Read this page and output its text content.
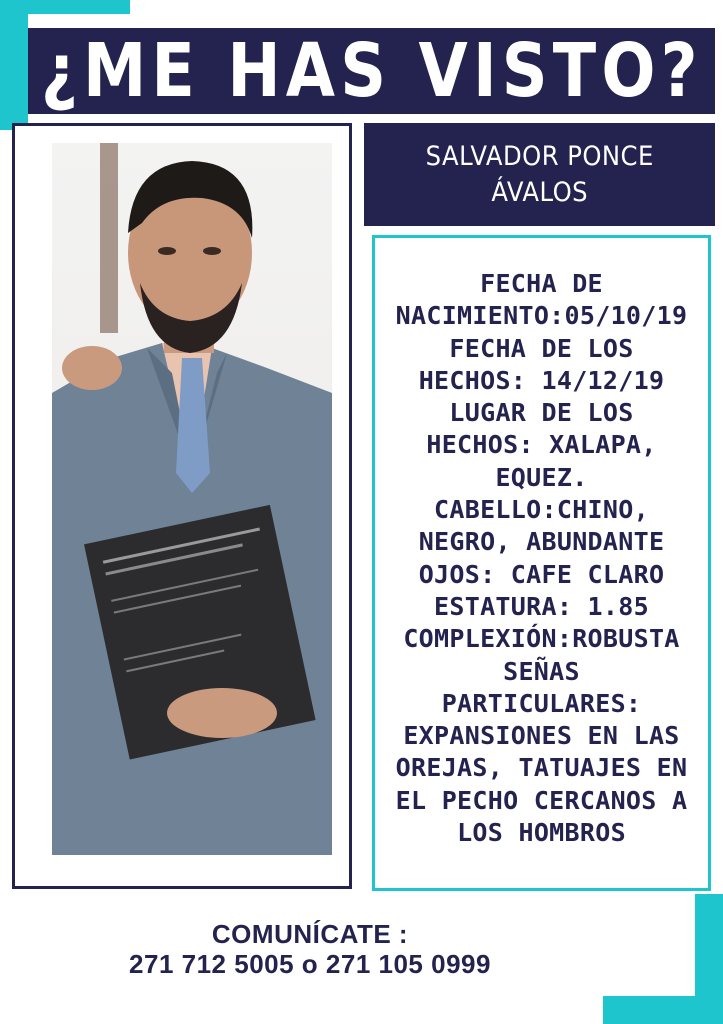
¿ME HAS VISTO?
SALVADOR PONCE
ÁVALOS
FECHA DE
NACIMIENTO:05/10/19
FECHA DE LOS
HECHOS: 14/12/19
LUGAR DE LOS
HECHOS: XALAPA,
EQUEZ.
CABELLO:CHINO,
NEGRO, ABUNDANTE
OJOS: CAFE CLARO
ESTATURA: 1.85
COMPLEXIÓN:ROBUSTA
SEÑAS
PARTICULARES:
EXPANSIONES EN LAS
OREJAS, TATUAJES EN
EL PECHO CERCANOS A
LOS HOMBROS
COMUNÍCATE :
271 712 5005 o 271 105 0999
